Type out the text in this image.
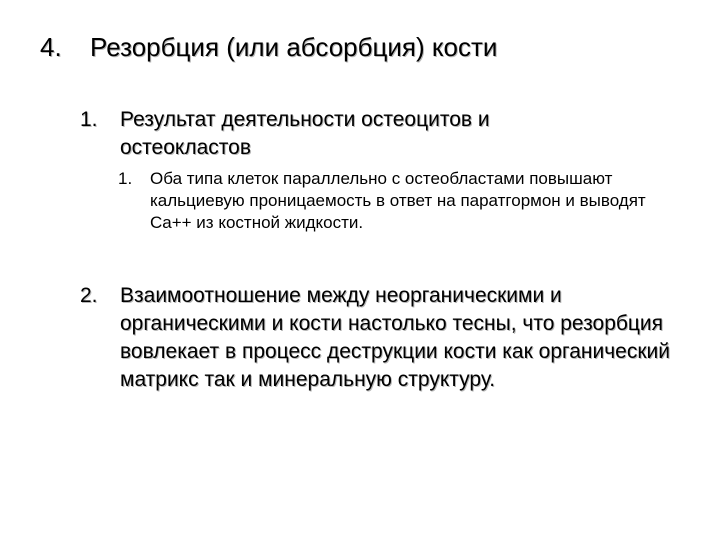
4. Резорбция (или абсорбция) кости
1. Результат деятельности остеоцитов и остеокластов
1. Оба типа клеток параллельно с остеобластами повышают кальциевую проницаемость в ответ на паратгормон и выводят Ca++ из костной жидкости.
2. Взаимоотношение между неорганическими и органическими и кости настолько тесны, что резорбция вовлекает в процесс деструкции кости как органический матрикс так и минеральную структуру.
